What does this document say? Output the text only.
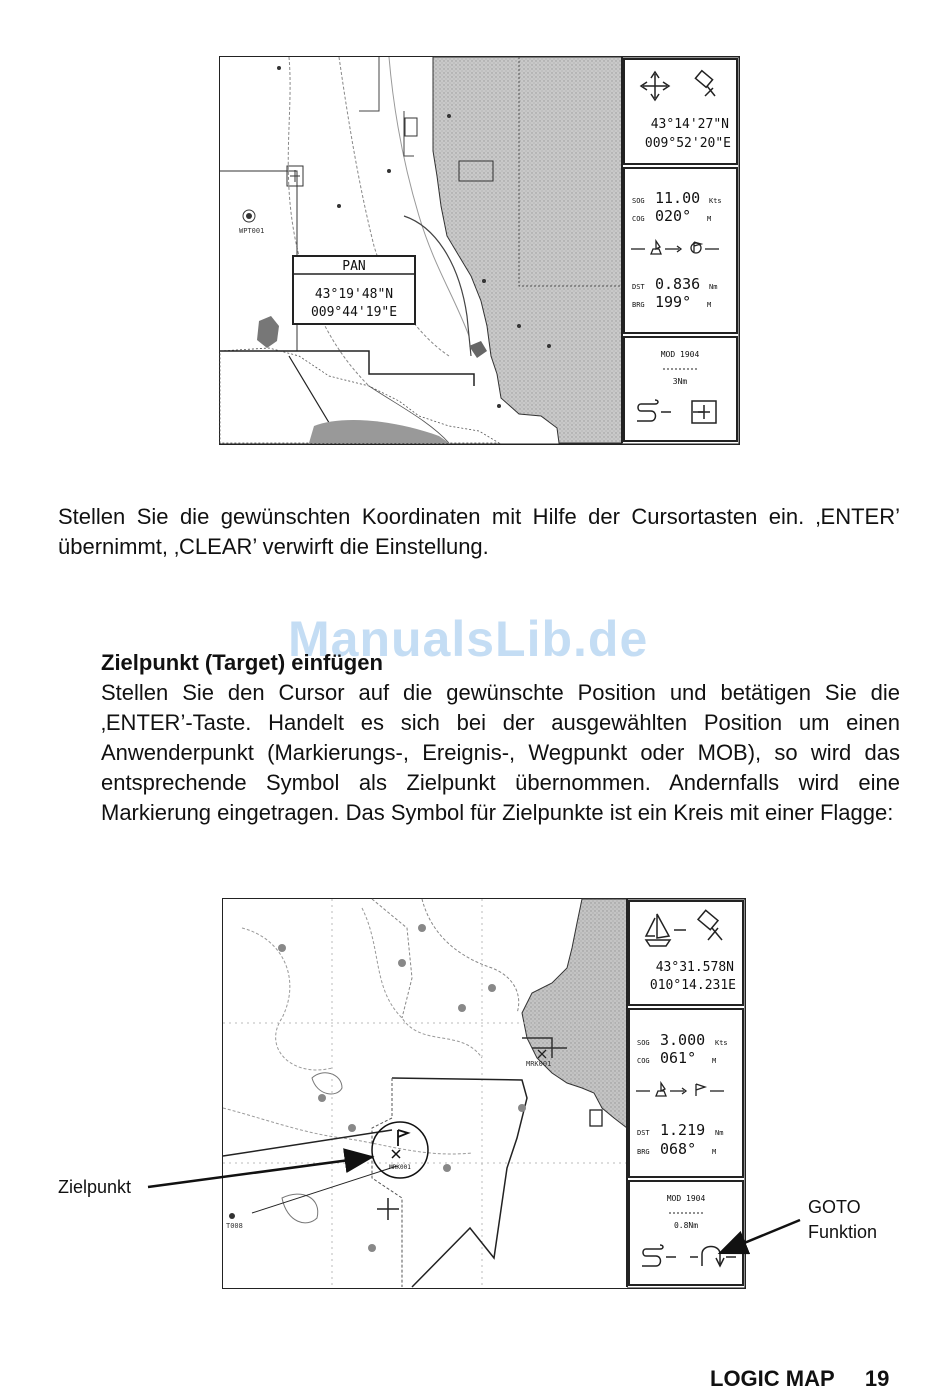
WPT001
PAN
43°19'48"N
009°44'19"E
43°14'27"N
009°52'20"E
SOG 11.00 Kts
COG 020° M
DST 0.836 Nm
BRG 199° M
MOD 1904
3Nm

Stellen Sie die gewünschten Koordinaten mit Hilfe der Cursortasten ein. ‚ENTER’ übernimmt, ‚CLEAR’ verwirft die Einstellung.

ManualsLib.de
Zielpunkt (Target) einfügen

Stellen Sie den Cursor auf die gewünschte Position und betätigen Sie die ‚ENTER’-Taste. Handelt es sich bei der ausgewählten Position um einen Anwenderpunkt (Markierungs-, Ereignis-, Wegpunkt oder MOB), so wird das entsprechende Symbol als Zielpunkt übernommen. Andernfalls wird eine Markierung eingetragen. Das Symbol für Zielpunkte ist ein Kreis mit einer Flagge:

T008
MRK001
MRK001
43°31.578N
010°14.231E
SOG 3.000 Kts
COG 061° M
DST 1.219 Nm
BRG 068° M
MOD 1904
0.8Nm
Zielpunkt
GOTO
Funktion
LOGIC MAP 19
